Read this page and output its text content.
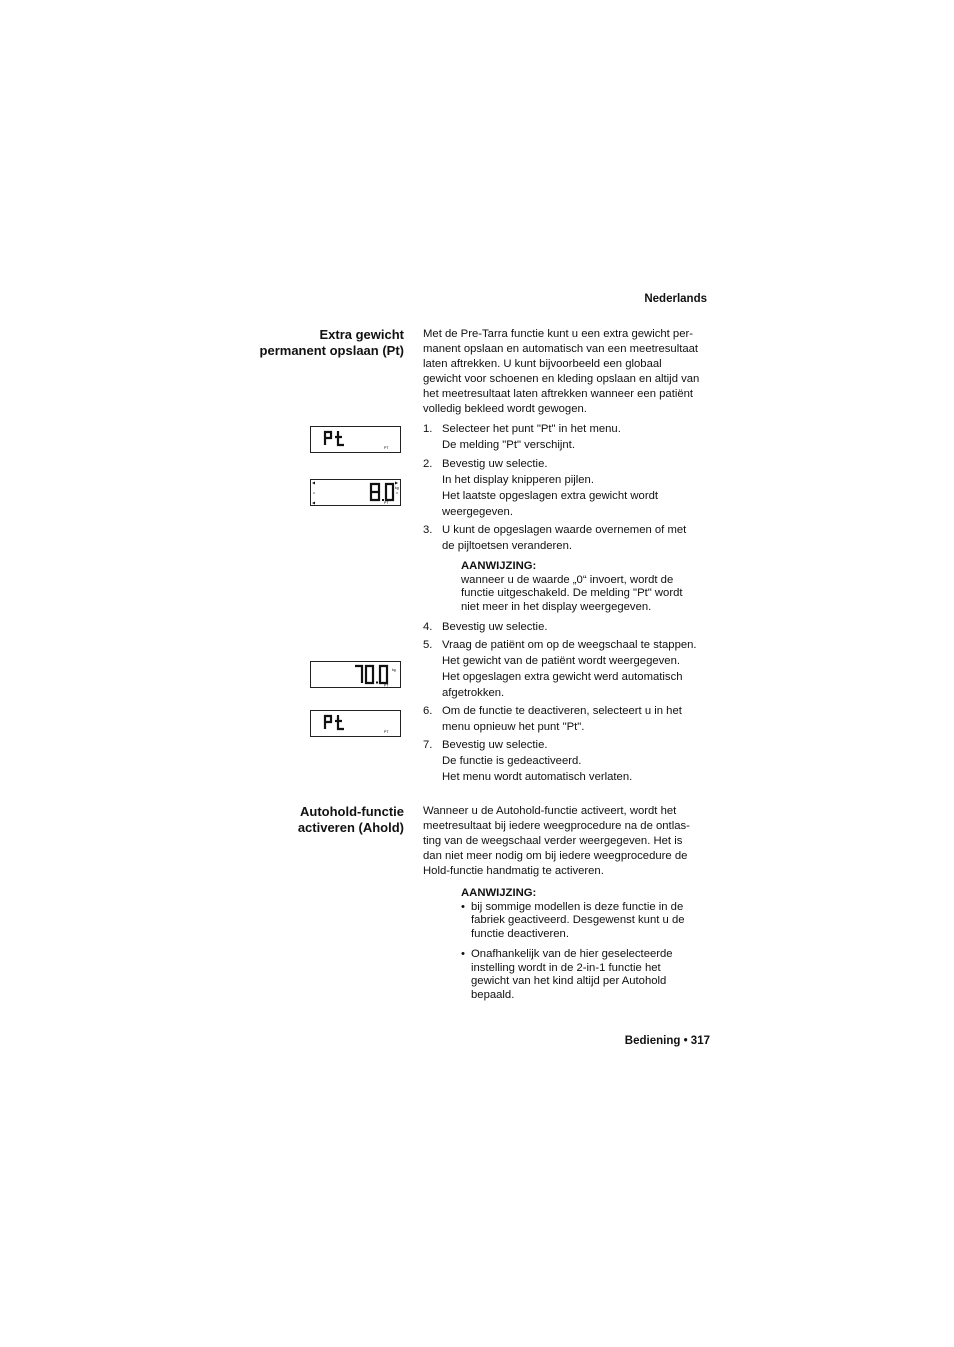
Nederlands
Extra gewicht
permanent opslaan (Pt)
Met de Pre-Tarra functie kunt u een extra gewicht per-
manent opslaan en automatisch van een meetresultaat
laten aftrekken. U kunt bijvoorbeeld een globaal
gewicht voor schoenen en kleding opslaan en altijd van
het meetresultaat laten aftrekken wanneer een patiënt
volledig bekleed wordt gewogen.
1. Selecteer het punt "Pt" in het menu.
De melding "Pt" verschijnt.
2. Bevestig uw selectie.
In het display knipperen pijlen.
Het laatste opgeslagen extra gewicht wordt
weergegeven.
3. U kunt de opgeslagen waarde overnemen of met
de pijltoetsen veranderen.
AANWIJZING:
wanneer u de waarde „0“ invoert, wordt de
functie uitgeschakeld. De melding "Pt" wordt
niet meer in het display weergegeven.
4. Bevestig uw selectie.
5. Vraag de patiënt om op de weegschaal te stappen.
Het gewicht van de patiënt wordt weergegeven.
Het opgeslagen extra gewicht werd automatisch
afgetrokken.
6. Om de functie te deactiveren, selecteert u in het
menu opnieuw het punt "Pt".
7. Bevestig uw selectie.
De functie is gedeactiveerd.
Het menu wordt automatisch verlaten.
PT
kg
PT
kg
PT
PT
Autohold-functie
activeren (Ahold)
Wanneer u de Autohold-functie activeert, wordt het
meetresultaat bij iedere weegprocedure na de ontlas-
ting van de weegschaal verder weergegeven. Het is
dan niet meer nodig om bij iedere weegprocedure de
Hold-functie handmatig te activeren.
AANWIJZING:
• bij sommige modellen is deze functie in de
fabriek geactiveerd. Desgewenst kunt u de
functie deactiveren.
• Onafhankelijk van de hier geselecteerde
instelling wordt in de 2-in-1 functie het
gewicht van het kind altijd per Autohold
bepaald.
Bediening • 317
